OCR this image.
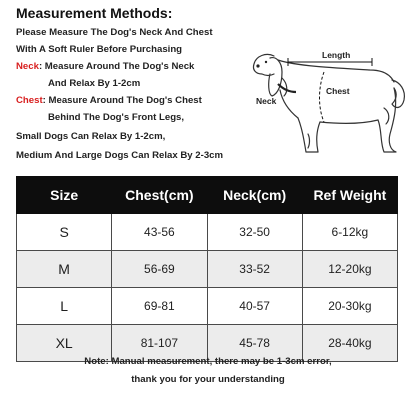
Measurement Methods:
Please Measure The Dog's Neck And Chest
With A Soft Ruler Before Purchasing
Neck: Measure Around The Dog's Neck
And Relax By 1-2cm
Chest: Measure Around The Dog's Chest
Behind The Dog's Front Legs,
Small Dogs Can Relax By 1-2cm,
Medium And Large Dogs Can Relax By 2-3cm
Length
Neck
Chest
Size	Chest(cm)	Neck(cm)	Ref Weight
S	43-56	32-50	6-12kg
M	56-69	33-52	12-20kg
L	69-81	40-57	20-30kg
XL	81-107	45-78	28-40kg
Note: Manual measurement, there may be 1-3cm error,
thank you for your understanding
